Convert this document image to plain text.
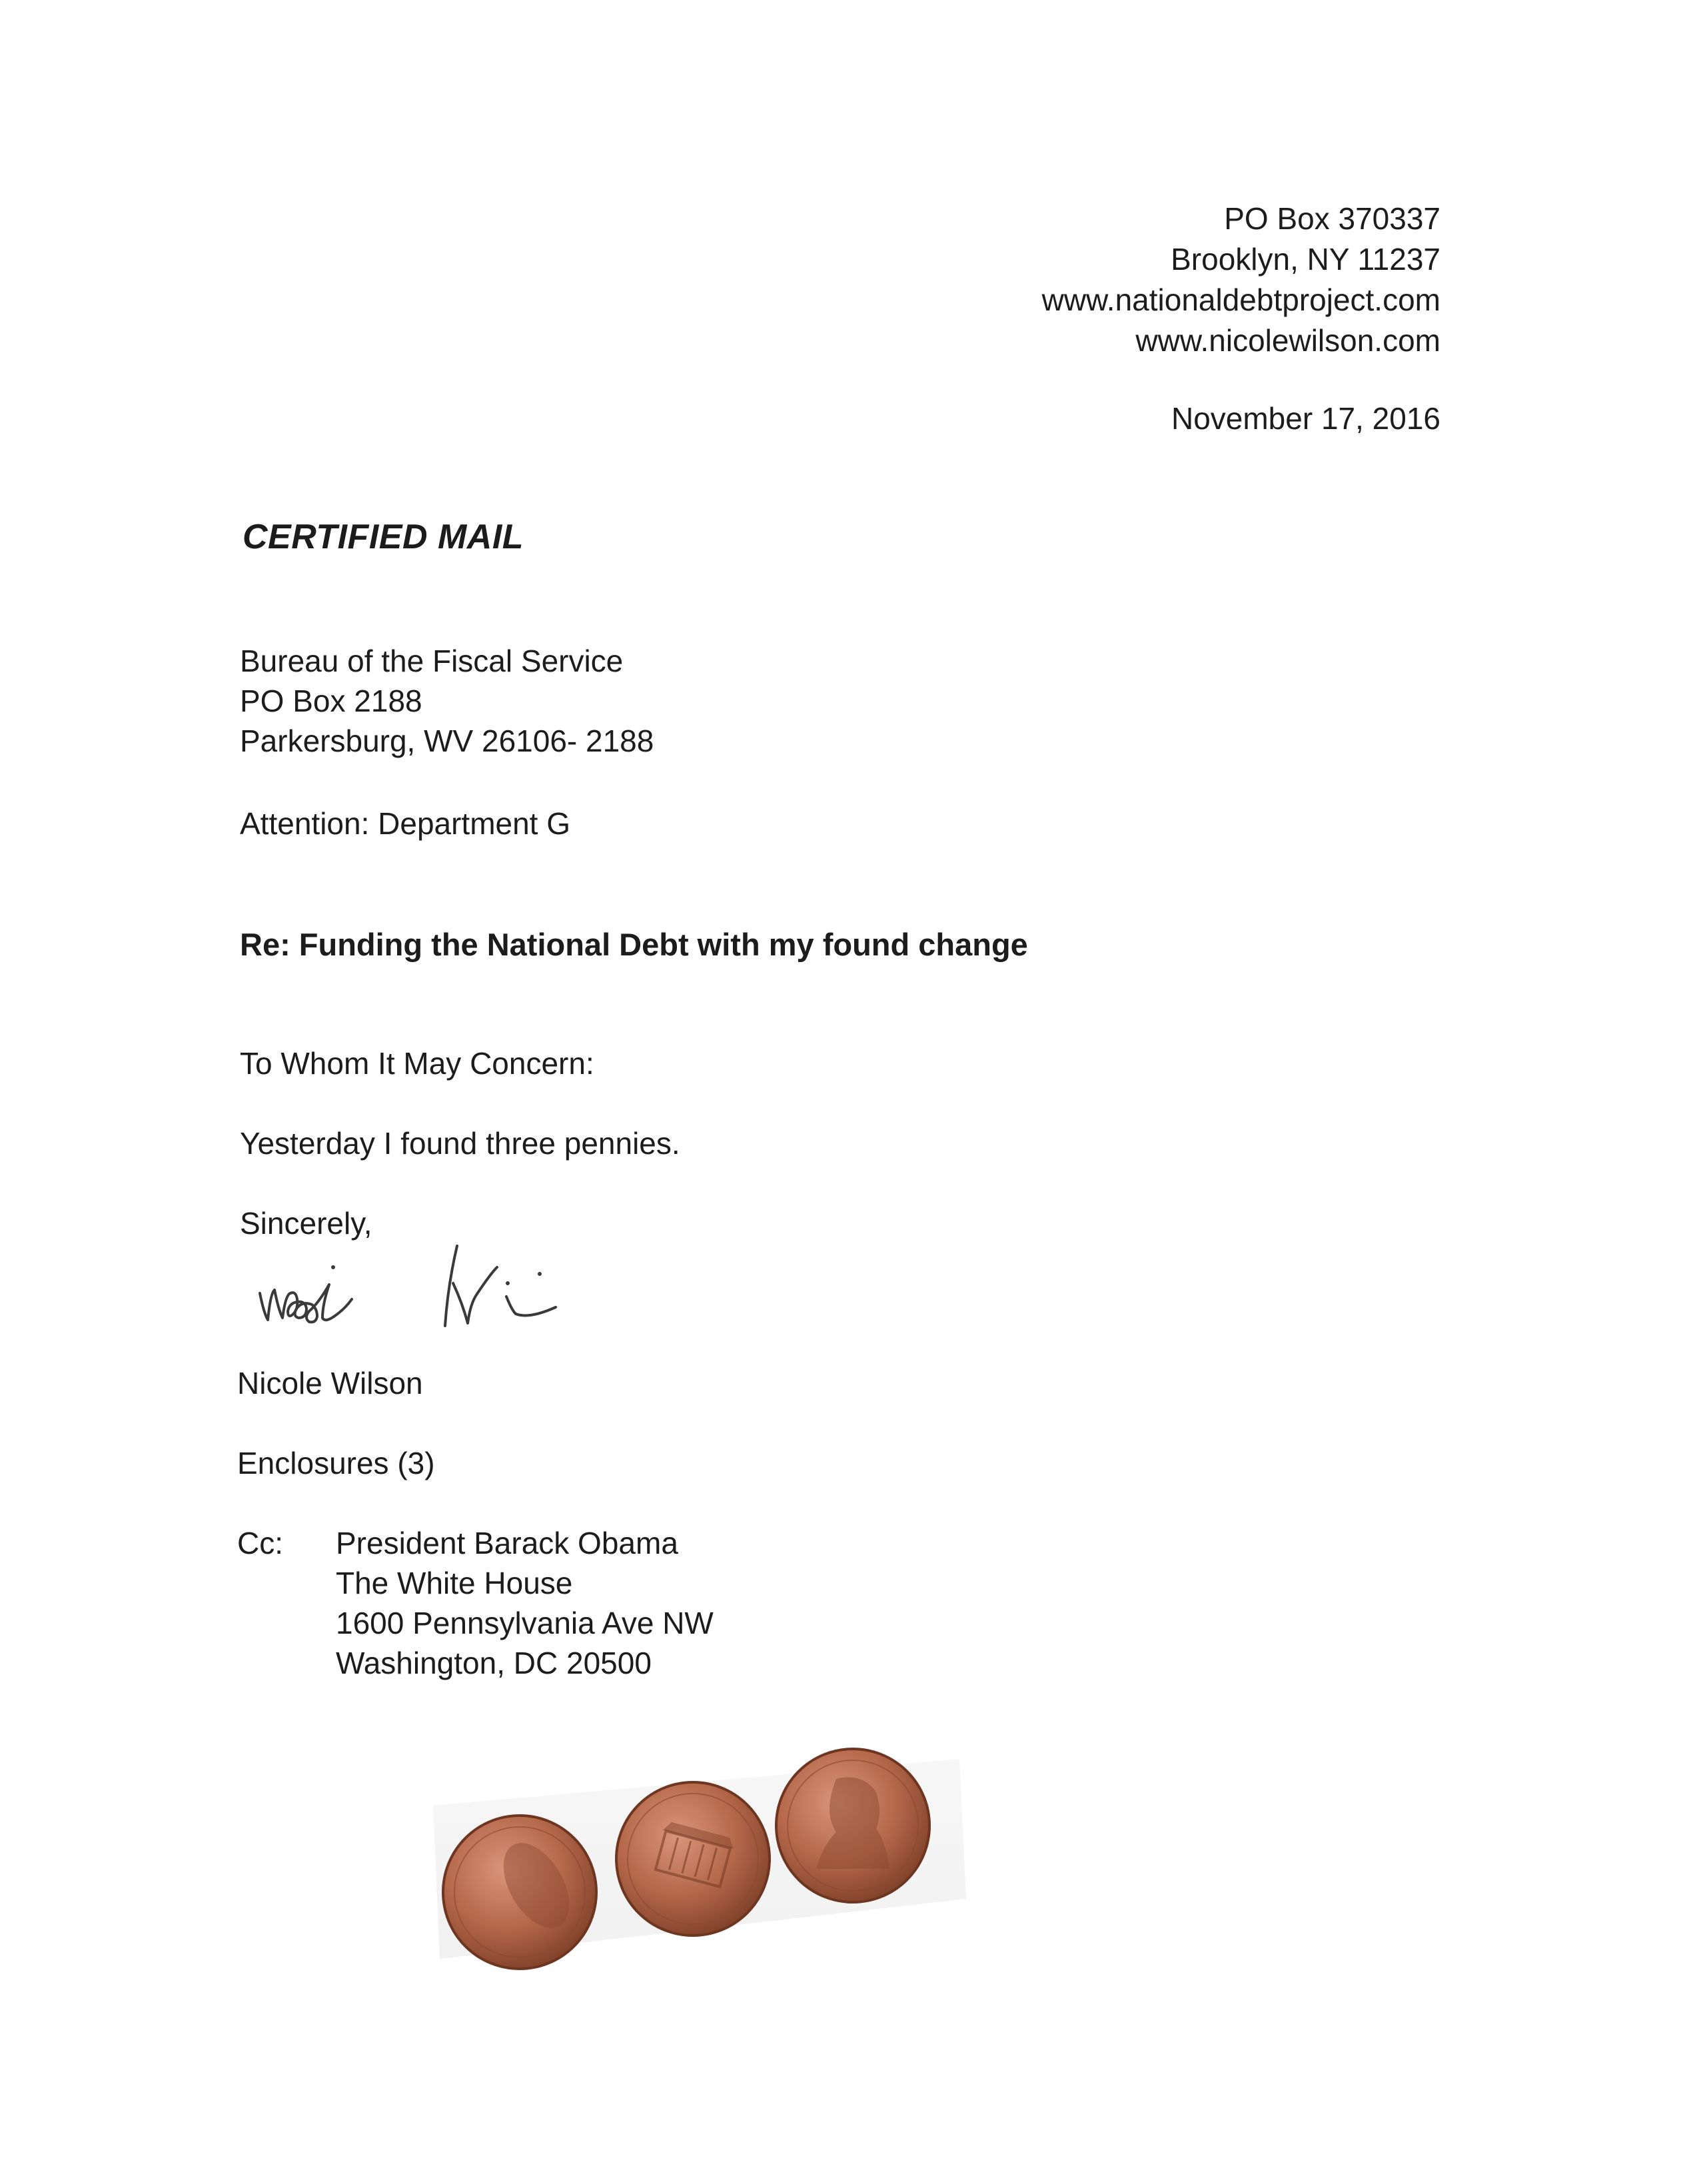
PO Box 370337
Brooklyn, NY 11237
www.nationaldebtproject.com
www.nicolewilson.com
November 17, 2016
CERTIFIED MAIL
Bureau of the Fiscal Service
PO Box 2188
Parkersburg, WV 26106- 2188
Attention: Department G
Re: Funding the National Debt with my found change
To Whom It May Concern:
Yesterday I found three pennies.
Sincerely,
Nicole Wilson
Enclosures (3)
Cc: President Barack Obama
The White House
1600 Pennsylvania Ave NW
Washington, DC 20500
